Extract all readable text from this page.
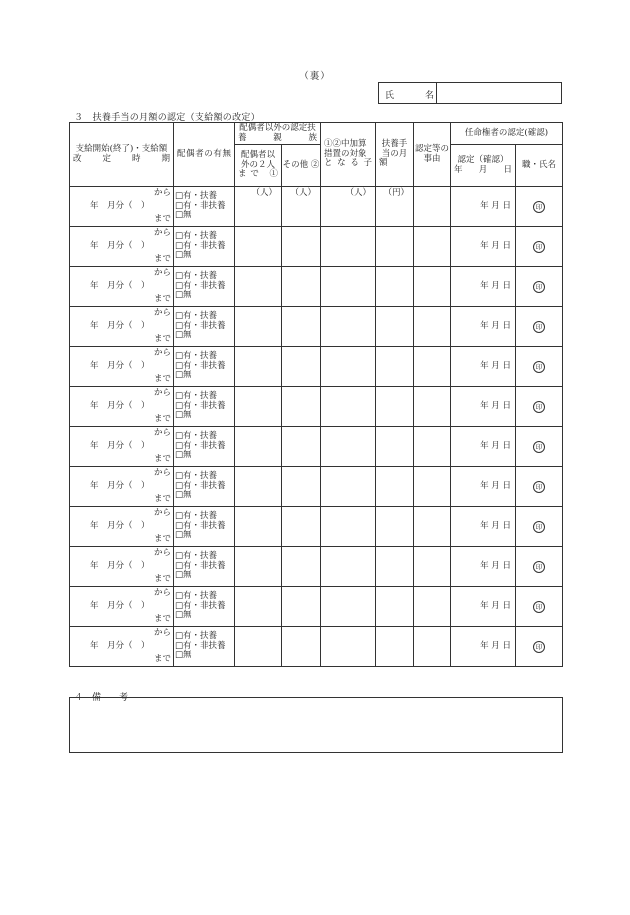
（裏）
氏	名
３　扶養手当の月額の認定（支給額の改定）
支給開始(終了)・支給額改定時期	配偶者の有無	配偶者以外の認定扶養親族		①②中加算措置の対象となる子	扶養手当の月額	認定等の事由	任命権者の認定(確認)	
		配偶者以外の２人まで ①	その他 ②				認定（確認）年　月　日	職・氏名

から
年　月分（　）
まで	□有・扶養
□有・非扶養
□無	（人）	（人）	（人）	（円）		年 月 日	印

から
年　月分（　）
まで	□有・扶養
□有・非扶養
□無						年 月 日	印

から
年　月分（　）
まで	□有・扶養
□有・非扶養
□無						年 月 日	印

から
年　月分（　）
まで	□有・扶養
□有・非扶養
□無						年 月 日	印

から
年　月分（　）
まで	□有・扶養
□有・非扶養
□無						年 月 日	印

から
年　月分（　）
まで	□有・扶養
□有・非扶養
□無						年 月 日	印

から
年　月分（　）
まで	□有・扶養
□有・非扶養
□無						年 月 日	印

から
年　月分（　）
まで	□有・扶養
□有・非扶養
□無						年 月 日	印

から
年　月分（　）
まで	□有・扶養
□有・非扶養
□無						年 月 日	印

から
年　月分（　）
まで	□有・扶養
□有・非扶養
□無						年 月 日	印

から
年　月分（　）
まで	□有・扶養
□有・非扶養
□無						年 月 日	印

から
年　月分（　）
まで	□有・扶養
□有・非扶養
□無						年 月 日	印
４　備　　考
